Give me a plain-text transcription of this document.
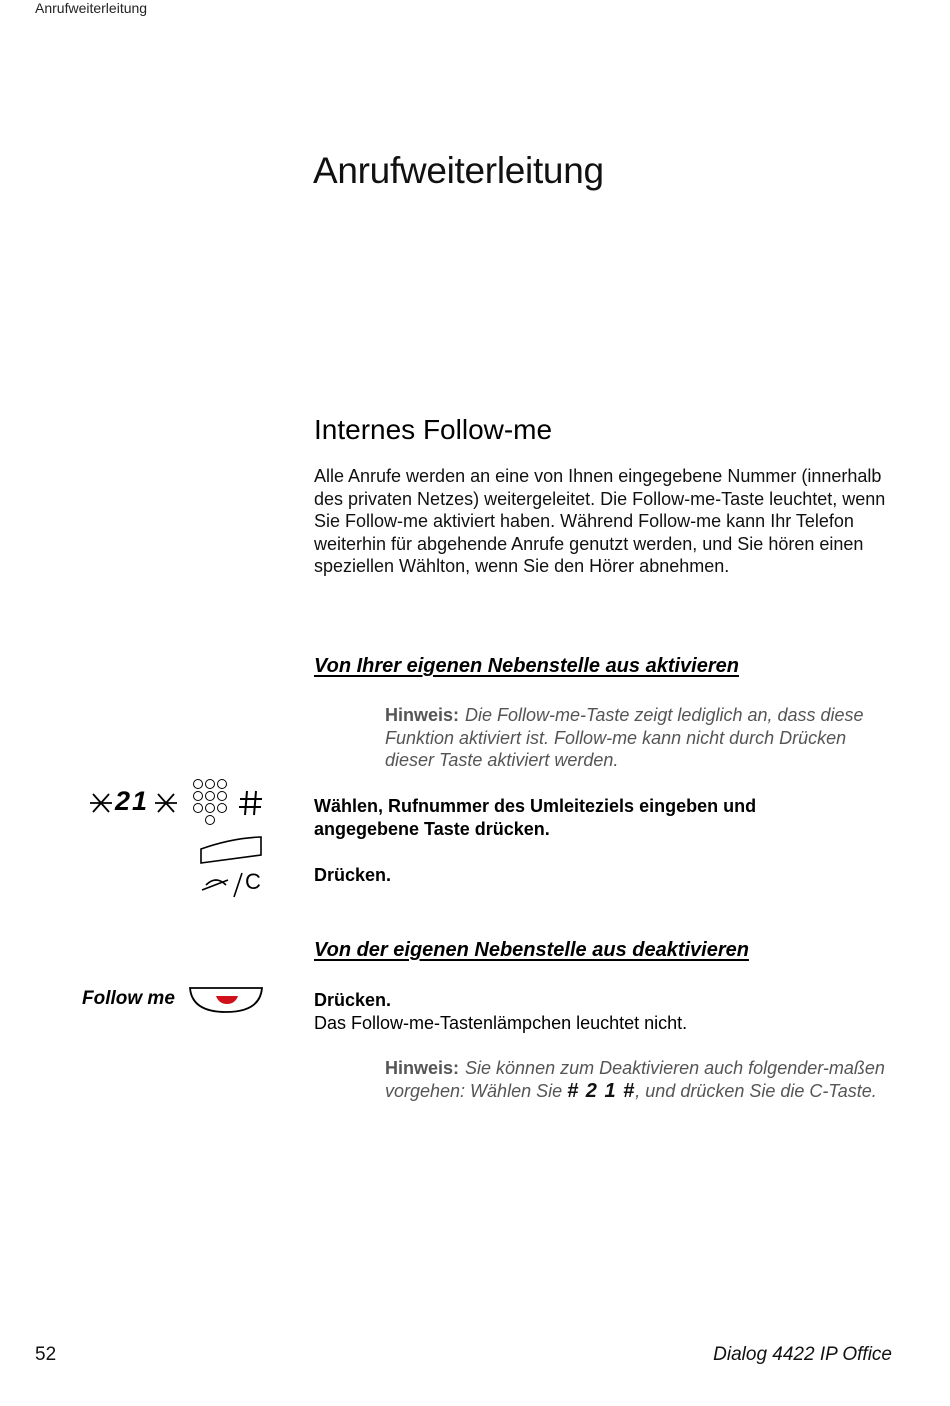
Anrufweiterleitung
Anrufweiterleitung
Internes Follow-me
Alle Anrufe werden an eine von Ihnen eingegebene Nummer (innerhalb des privaten Netzes) weitergeleitet. Die Follow-me-Taste leuchtet, wenn Sie Follow-me aktiviert haben. Während Follow-me kann Ihr Telefon weiterhin für abgehende Anrufe genutzt werden, und Sie hören einen speziellen Wählton, wenn Sie den Hörer abnehmen.
Von Ihrer eigenen Nebenstelle aus aktivieren
Hinweis: Die Follow-me-Taste zeigt lediglich an, dass diese Funktion aktiviert ist. Follow-me kann nicht durch Drücken dieser Taste aktiviert werden.
21	Wählen, Rufnummer des Umleiteziels eingeben und angegebene Taste drücken.
C	Drücken.
Von der eigenen Nebenstelle aus deaktivieren
Follow me	Drücken.
Das Follow-me-Tastenlämpchen leuchtet nicht.
Hinweis: Sie können zum Deaktivieren auch folgender-maßen vorgehen: Wählen Sie # 2 1 #, und drücken Sie die C-Taste.
52	Dialog 4422 IP Office
